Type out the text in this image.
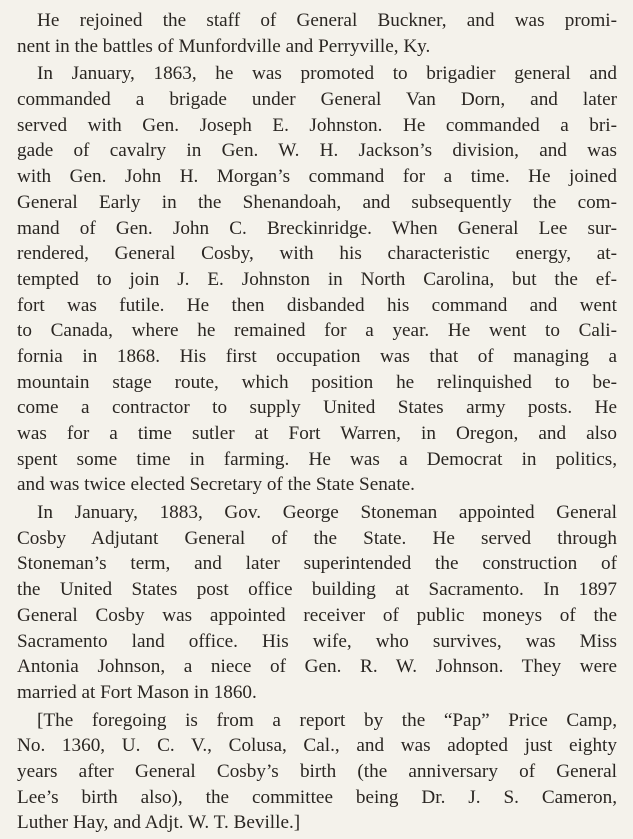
He rejoined the staff of General Buckner, and was promi-
nent in the battles of Munfordville and Perryville, Ky.
In January, 1863, he was promoted to brigadier general and
commanded a brigade under General Van Dorn, and later
served with Gen. Joseph E. Johnston. He commanded a bri-
gade of cavalry in Gen. W. H. Jackson’s division, and was
with Gen. John H. Morgan’s command for a time. He joined
General Early in the Shenandoah, and subsequently the com-
mand of Gen. John C. Breckinridge. When General Lee sur-
rendered, General Cosby, with his characteristic energy, at-
tempted to join J. E. Johnston in North Carolina, but the ef-
fort was futile. He then disbanded his command and went
to Canada, where he remained for a year. He went to Cali-
fornia in 1868. His first occupation was that of managing a
mountain stage route, which position he relinquished to be-
come a contractor to supply United States army posts. He
was for a time sutler at Fort Warren, in Oregon, and also
spent some time in farming. He was a Democrat in politics,
and was twice elected Secretary of the State Senate.
In January, 1883, Gov. George Stoneman appointed General
Cosby Adjutant General of the State. He served through
Stoneman’s term, and later superintended the construction of
the United States post office building at Sacramento. In 1897
General Cosby was appointed receiver of public moneys of the
Sacramento land office. His wife, who survives, was Miss
Antonia Johnson, a niece of Gen. R. W. Johnson. They were
married at Fort Mason in 1860.
[The foregoing is from a report by the “Pap” Price Camp,
No. 1360, U. C. V., Colusa, Cal., and was adopted just eighty
years after General Cosby’s birth (the anniversary of General
Lee’s birth also), the committee being Dr. J. S. Cameron,
Luther Hay, and Adjt. W. T. Beville.]
